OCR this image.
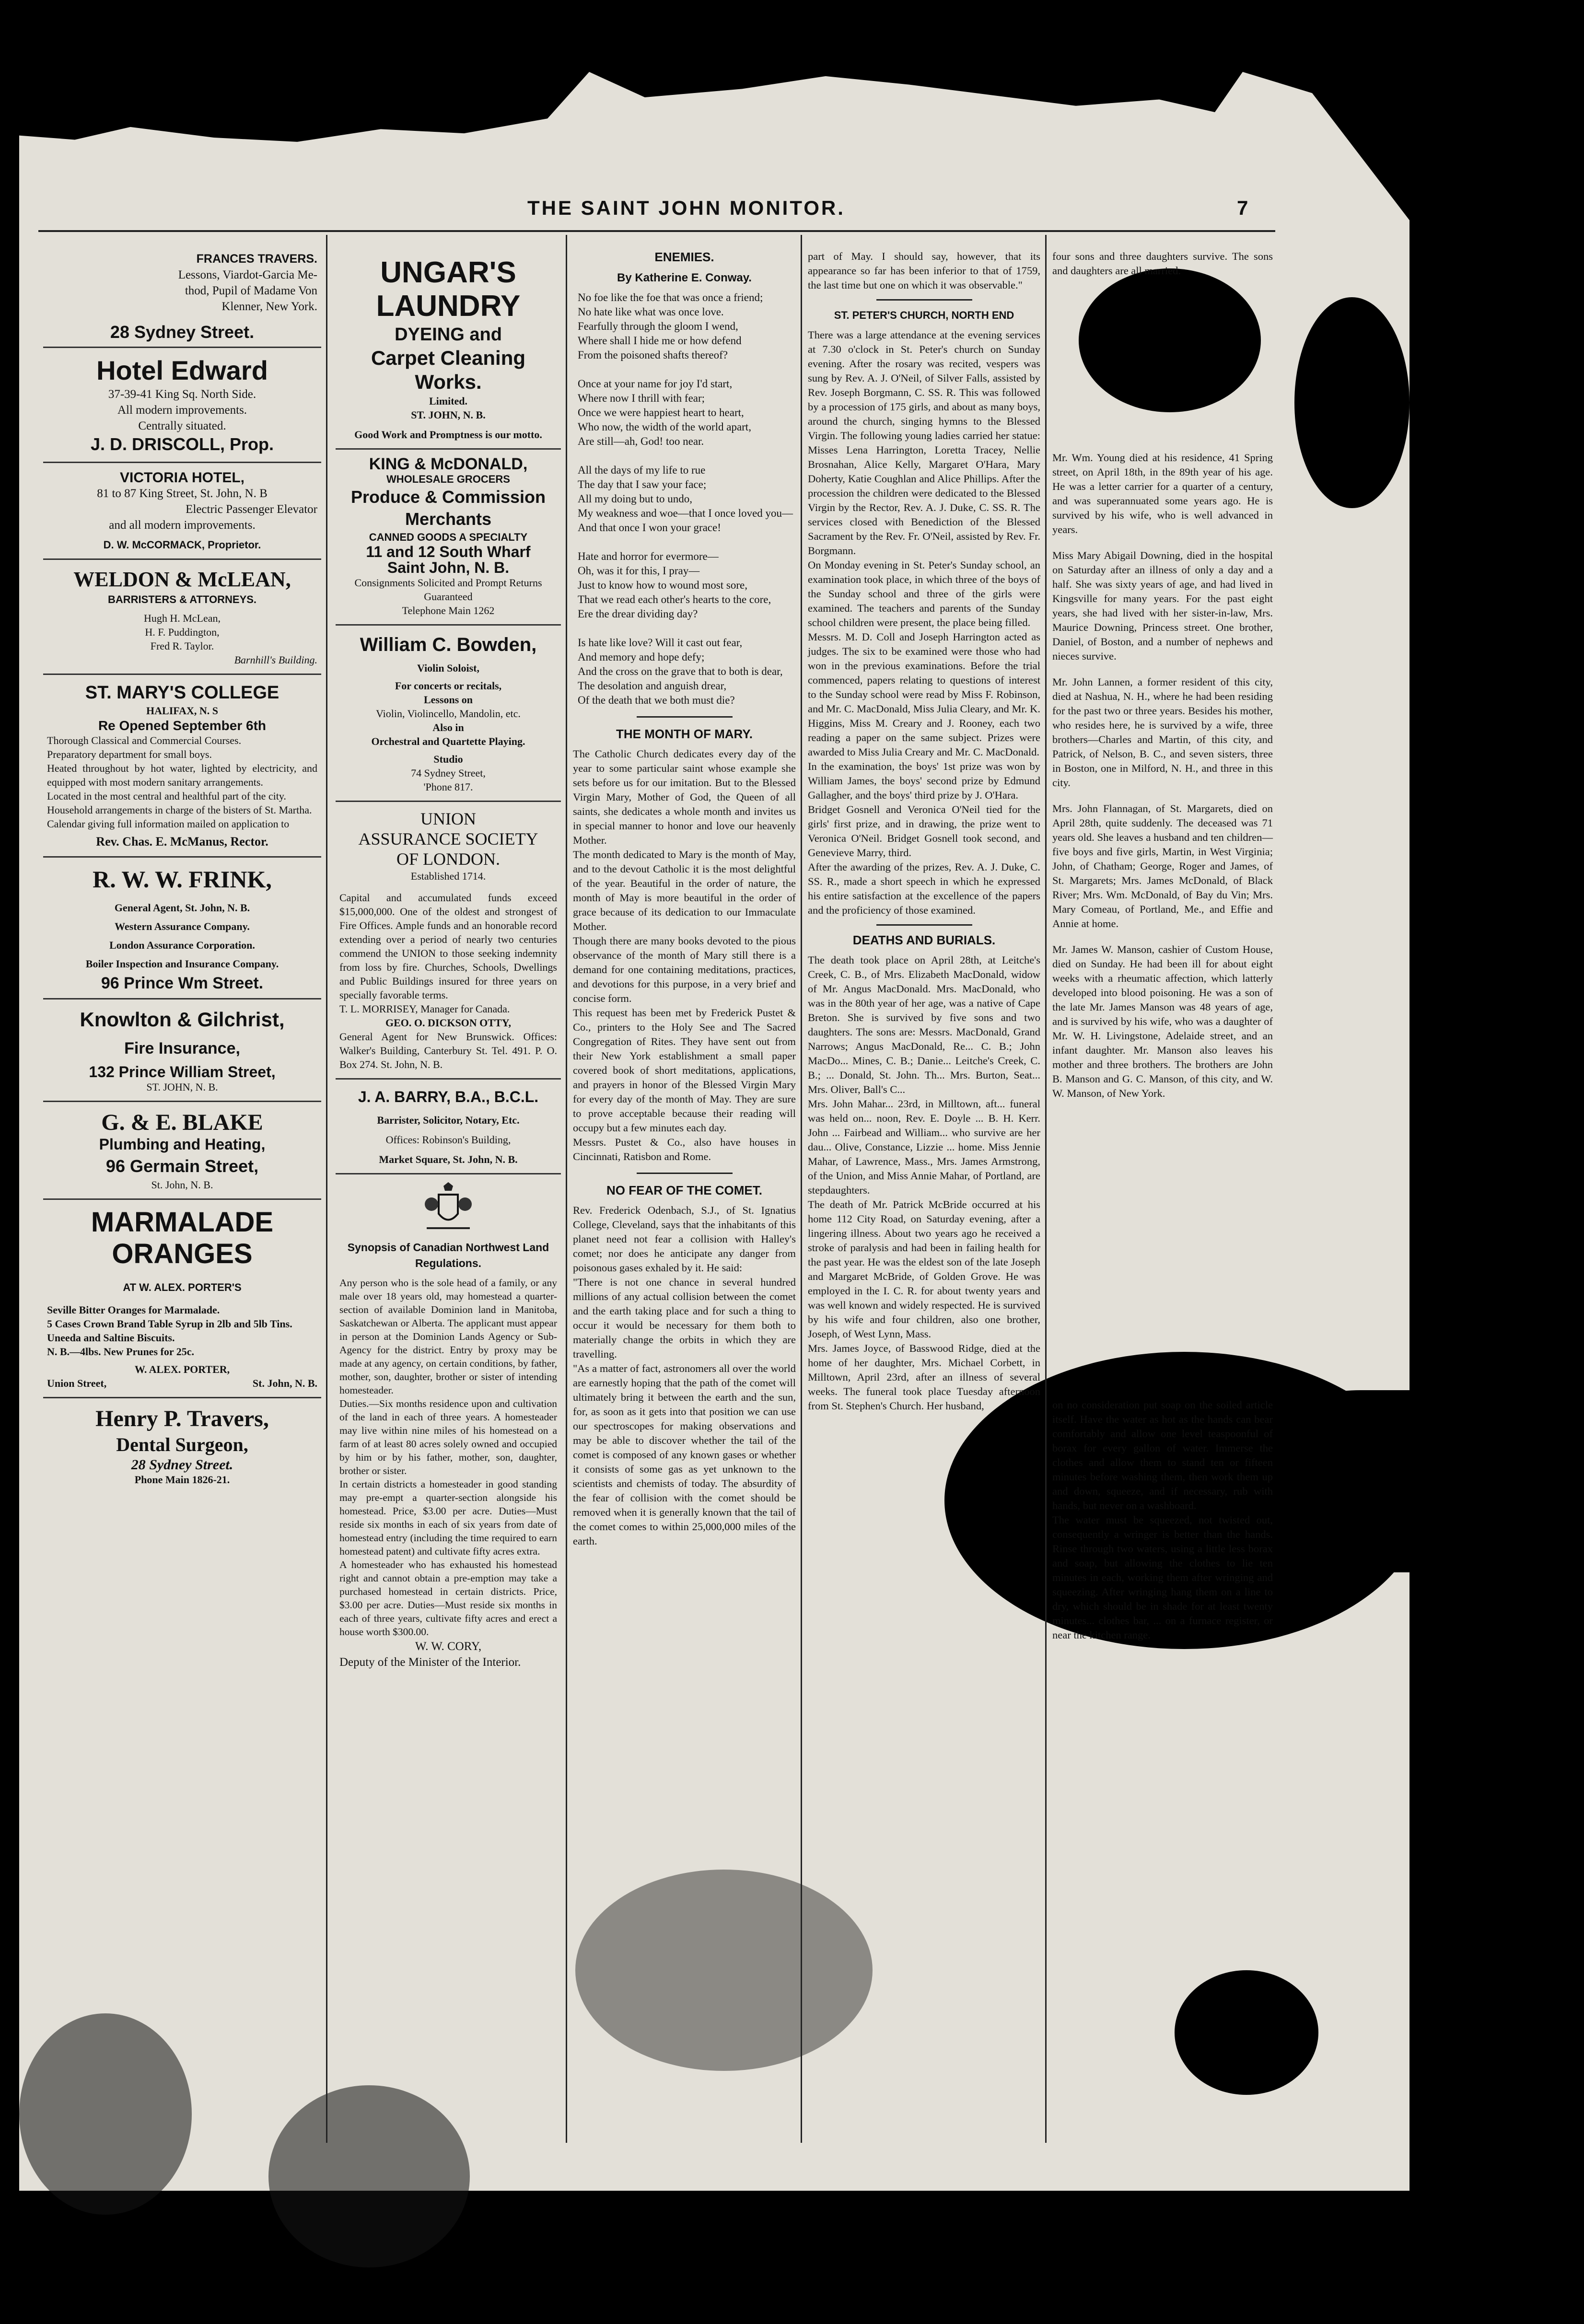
THE SAINT JOHN MONITOR.	7
FRANCES TRAVERS.
Lessons, Viardot-Garcia Me-
thod, Pupil of Madame Von
Klenner, New York.
28 Sydney Street.
Hotel Edward
37-39-41 King Sq. North Side.
All modern improvements.
Centrally situated.
J. D. DRISCOLL, Prop.
VICTORIA HOTEL,
81 to 87 King Street, St. John, N. B
Electric Passenger Elevator
and all modern improvements.
D. W. McCORMACK, Proprietor.
WELDON & McLEAN,
BARRISTERS & ATTORNEYS.
Hugh H. McLean,
H. F. Puddington,
Fred R. Taylor.
Barnhill's Building.
ST. MARY'S COLLEGE
HALIFAX, N. S
Re Opened September 6th
Thorough Classical and Commercial Courses.
Preparatory department for small boys.
Heated throughout by hot water, lighted by electricity, and equipped with most modern sanitary arrangements.
Located in the most central and healthful part of the city.
Household arrangements in charge of the bisters of St. Martha.
Calendar giving full information mailed on application to
Rev. Chas. E. McManus, Rector.
R. W. W. FRINK,
General Agent, St. John, N. B.
Western Assurance Company.
London Assurance Corporation.
Boiler Inspection and Insurance Company.
96 Prince Wm Street.
Knowlton & Gilchrist,
Fire Insurance,
132 Prince William Street,
ST. JOHN, N. B.
G. & E. BLAKE
Plumbing and Heating,
96 Germain Street,
St. John, N. B.
MARMALADE
ORANGES
AT W. ALEX. PORTER'S
Seville Bitter Oranges for Marmalade.
5 Cases Crown Brand Table Syrup in 2lb and 5lb Tins.
Uneeda and Saltine Biscuits.
N. B.—4lbs. New Prunes for 25c.
W. ALEX. PORTER,
Union Street,	St. John, N. B.
Henry P. Travers,
Dental Surgeon,
28 Sydney Street.
Phone Main 1826-21.
UNGAR'S
LAUNDRY
DYEING and
Carpet Cleaning
Works.
Limited.
ST. JOHN, N. B.
Good Work and Promptness is our motto.
KING & McDONALD,
WHOLESALE GROCERS
Produce & Commission
Merchants
CANNED GOODS A SPECIALTY
11 and 12 South Wharf
Saint John, N. B.
Consignments Solicited and Prompt Returns Guaranteed
Telephone Main 1262
William C. Bowden,
Violin Soloist,
For concerts or recitals,
Lessons on
Violin, Violincello, Mandolin, etc.
Also in
Orchestral and Quartette Playing.
Studio
74 Sydney Street,
'Phone 817.
UNION
ASSURANCE SOCIETY
OF LONDON.
Established 1714.
Capital and accumulated funds exceed $15,000,000. One of the oldest and strongest of Fire Offices. Ample funds and an honorable record extending over a period of nearly two centuries commend the UNION to those seeking indemnity from loss by fire. Churches, Schools, Dwellings and Public Buildings insured for three years on specially favorable terms.
T. L. MORRISEY, Manager for Canada.
GEO. O. DICKSON OTTY,
General Agent for New Brunswick. Offices: Walker's Building, Canterbury St. Tel. 491. P. O. Box 274. St. John, N. B.
J. A. BARRY, B.A., B.C.L.
Barrister, Solicitor, Notary, Etc.
Offices: Robinson's Building,
Market Square, St. John, N. B.
Synopsis of Canadian Northwest Land Regulations.
Any person who is the sole head of a family, or any male over 18 years old, may homestead a quarter-section of available Dominion land in Manitoba, Saskatchewan or Alberta. The applicant must appear in person at the Dominion Lands Agency or Sub-Agency for the district. Entry by proxy may be made at any agency, on certain conditions, by father, mother, son, daughter, brother or sister of intending homesteader.
Duties.—Six months residence upon and cultivation of the land in each of three years. A homesteader may live within nine miles of his homestead on a farm of at least 80 acres solely owned and occupied by him or by his father, mother, son, daughter, brother or sister.
In certain districts a homesteader in good standing may pre-empt a quarter-section alongside his homestead. Price, $3.00 per acre. Duties—Must reside six months in each of six years from date of homestead entry (including the time required to earn homestead patent) and cultivate fifty acres extra.
A homesteader who has exhausted his homestead right and cannot obtain a pre-emption may take a purchased homestead in certain districts. Price, $3.00 per acre. Duties—Must reside six months in each of three years, cultivate fifty acres and erect a house worth $300.00.
W. W. CORY,
Deputy of the Minister of the Interior.
ENEMIES.
By Katherine E. Conway.
No foe like the foe that was once a friend;
No hate like what was once love.
Fearfully through the gloom I wend,
Where shall I hide me or how defend
From the poisoned shafts thereof?

Once at your name for joy I'd start,
Where now I thrill with fear;
Once we were happiest heart to heart,
Who now, the width of the world apart,
Are still—ah, God! too near.

All the days of my life to rue
The day that I saw your face;
All my doing but to undo,
My weakness and woe—that I once loved you—
And that once I won your grace!

Hate and horror for evermore—
Oh, was it for this, I pray—
Just to know how to wound most sore,
That we read each other's hearts to the core,
Ere the drear dividing day?

Is hate like love? Will it cast out fear,
And memory and hope defy;
And the cross on the grave that to both is dear,
The desolation and anguish drear,
Of the death that we both must die?
THE MONTH OF MARY.
The Catholic Church dedicates every day of the year to some particular saint whose example she sets before us for our imitation. But to the Blessed Virgin Mary, Mother of God, the Queen of all saints, she dedicates a whole month and invites us in special manner to honor and love our heavenly Mother.
The month dedicated to Mary is the month of May, and to the devout Catholic it is the most delightful of the year. Beautiful in the order of nature, the month of May is more beautiful in the order of grace because of its dedication to our Immaculate Mother.
Though there are many books devoted to the pious observance of the month of Mary still there is a demand for one containing meditations, practices, and devotions for this purpose, in a very brief and concise form.
This request has been met by Frederick Pustet & Co., printers to the Holy See and The Sacred Congregation of Rites. They have sent out from their New York establishment a small paper covered book of short meditations, applications, and prayers in honor of the Blessed Virgin Mary for every day of the month of May. They are sure to prove acceptable because their reading will occupy but a few minutes each day.
Messrs. Pustet & Co., also have houses in Cincinnati, Ratisbon and Rome.
NO FEAR OF THE COMET.
Rev. Frederick Odenbach, S.J., of St. Ignatius College, Cleveland, says that the inhabitants of this planet need not fear a collision with Halley's comet; nor does he anticipate any danger from poisonous gases exhaled by it. He said:
"There is not one chance in several hundred millions of any actual collision between the comet and the earth taking place and for such a thing to occur it would be necessary for them both to materially change the orbits in which they are travelling.
"As a matter of fact, astronomers all over the world are earnestly hoping that the path of the comet will ultimately bring it between the earth and the sun, for, as soon as it gets into that position we can use our spectroscopes for making observations and may be able to discover whether the tail of the comet is composed of any known gases or whether it consists of some gas as yet unknown to the scientists and chemists of today. The absurdity of the fear of collision with the comet should be removed when it is generally known that the tail of the comet comes to within 25,000,000 miles of the earth.
part of May. I should say, however, that its appearance so far has been inferior to that of 1759, the last time but one on which it was observable."
ST. PETER'S CHURCH, NORTH END
There was a large attendance at the evening services at 7.30 o'clock in St. Peter's church on Sunday evening. After the rosary was recited, vespers was sung by Rev. A. J. O'Neil, of Silver Falls, assisted by Rev. Joseph Borgmann, C. SS. R. This was followed by a procession of 175 girls, and about as many boys, around the church, singing hymns to the Blessed Virgin. The following young ladies carried her statue: Misses Lena Harrington, Loretta Tracey, Nellie Brosnahan, Alice Kelly, Margaret O'Hara, Mary Doherty, Katie Coughlan and Alice Phillips. After the procession the children were dedicated to the Blessed Virgin by the Rector, Rev. A. J. Duke, C. SS. R. The services closed with Benediction of the Blessed Sacrament by the Rev. Fr. O'Neil, assisted by Rev. Fr. Borgmann.
On Monday evening in St. Peter's Sunday school, an examination took place, in which three of the boys of the Sunday school and three of the girls were examined. The teachers and parents of the Sunday school children were present, the place being filled.
Messrs. M. D. Coll and Joseph Harrington acted as judges. The six to be examined were those who had won in the previous examinations. Before the trial commenced, papers relating to questions of interest to the Sunday school were read by Miss F. Robinson, and Mr. C. MacDonald, Miss Julia Cleary, and Mr. K. Higgins, Miss M. Creary and J. Rooney, each two reading a paper on the same subject. Prizes were awarded to Miss Julia Creary and Mr. C. MacDonald.
In the examination, the boys' 1st prize was won by William James, the boys' second prize by Edmund Gallagher, and the boys' third prize by J. O'Hara.
Bridget Gosnell and Veronica O'Neil tied for the girls' first prize, and in drawing, the prize went to Veronica O'Neil. Bridget Gosnell took second, and Genevieve Marry, third.
After the awarding of the prizes, Rev. A. J. Duke, C. SS. R., made a short speech in which he expressed his entire satisfaction at the excellence of the papers and the proficiency of those examined.
DEATHS AND BURIALS.
The death took place on April 28th, at Leitche's Creek, C. B., of Mrs. Elizabeth MacDonald, widow of Mr. Angus MacDonald. Mrs. MacDonald, who was in the 80th year of her age, was a native of Cape Breton. She is survived by five sons and two daughters. The sons are: Messrs. MacDonald, Grand Narrows; Angus MacDonald, Re... C. B.; John MacDo... Mines, C. B.; Danie... Leitche's Creek, C. B.; ... Donald, St. John. Th... Mrs. Burton, Seat... Mrs. Oliver, Ball's C...
Mrs. John Mahar... 23rd, in Milltown, aft... funeral was held on... noon, Rev. E. Doyle ... B. H. Kerr. John ... Fairbead and William... who survive are her dau... Olive, Constance, Lizzie ... home. Miss Jennie Mahar, of Lawrence, Mass., Mrs. James Armstrong, of the Union, and Miss Annie Mahar, of Portland, are stepdaughters.
The death of Mr. Patrick McBride occurred at his home 112 City Road, on Saturday evening, after a lingering illness. About two years ago he received a stroke of paralysis and had been in failing health for the past year. He was the eldest son of the late Joseph and Margaret McBride, of Golden Grove. He was employed in the I. C. R. for about twenty years and was well known and widely respected. He is survived by his wife and four children, also one brother, Joseph, of West Lynn, Mass.
Mrs. James Joyce, of Basswood Ridge, died at the home of her daughter, Mrs. Michael Corbett, in Milltown, April 23rd, after an illness of several weeks. The funeral took place Tuesday afternoon from St. Stephen's Church. Her husband,
four sons and three daughters survive. The sons and daughters are all married.
Mr. Wm. Young died at his residence, 41 Spring street, on April 18th, in the 89th year of his age. He was a letter carrier for a quarter of a century, and was superannuated some years ago. He is survived by his wife, who is well advanced in years.
Miss Mary Abigail Downing, died in the hospital on Saturday after an illness of only a day and a half. She was sixty years of age, and had lived in Kingsville for many years. For the past eight years, she had lived with her sister-in-law, Mrs. Maurice Downing, Princess street. One brother, Daniel, of Boston, and a number of nephews and nieces survive.
Mr. John Lannen, a former resident of this city, died at Nashua, N. H., where he had been residing for the past two or three years. Besides his mother, who resides here, he is survived by a wife, three brothers—Charles and Martin, of this city, and Patrick, of Nelson, B. C., and seven sisters, three in Boston, one in Milford, N. H., and three in this city.
Mrs. John Flannagan, of St. Margarets, died on April 28th, quite suddenly. The deceased was 71 years old. She leaves a husband and ten children—five boys and five girls, Martin, in West Virginia; John, of Chatham; George, Roger and James, of St. Margarets; Mrs. James McDonald, of Black River; Mrs. Wm. McDonald, of Bay du Vin; Mrs. Mary Comeau, of Portland, Me., and Effie and Annie at home.
Mr. James W. Manson, cashier of Custom House, died on Sunday. He had been ill for about eight weeks with a rheumatic affection, which latterly developed into blood poisoning. He was a son of the late Mr. James Manson was 48 years of age, and is survived by his wife, who was a daughter of Mr. W. H. Livingstone, Adelaide street, and an infant daughter. Mr. Manson also leaves his mother and three brothers. The brothers are John B. Manson and G. C. Manson, of this city, and W. W. Manson, of New York.
on no consideration put soap on the soiled article itself. Have the water as hot as the hands can bear comfortably and allow one level teaspoonful of borax for every gallon of water. Immerse the clothes and allow them to stand ten or fifteen minutes before washing them, then work them up and down, squeeze, and if necessary, rub with hands, but never on a washboard.
The water must be squeezed, not twisted out, consequently a wringer is better than the hands. Rinse through two waters, using a little less borax and soap, but allowing the clothes to lie ten minutes in each, working them after wringing and squeezing. After wringing hang them on a line to dry, which should be in shade for at least twenty minutes... clothes bar, ... on a furnace register, or near the kitchen range.
